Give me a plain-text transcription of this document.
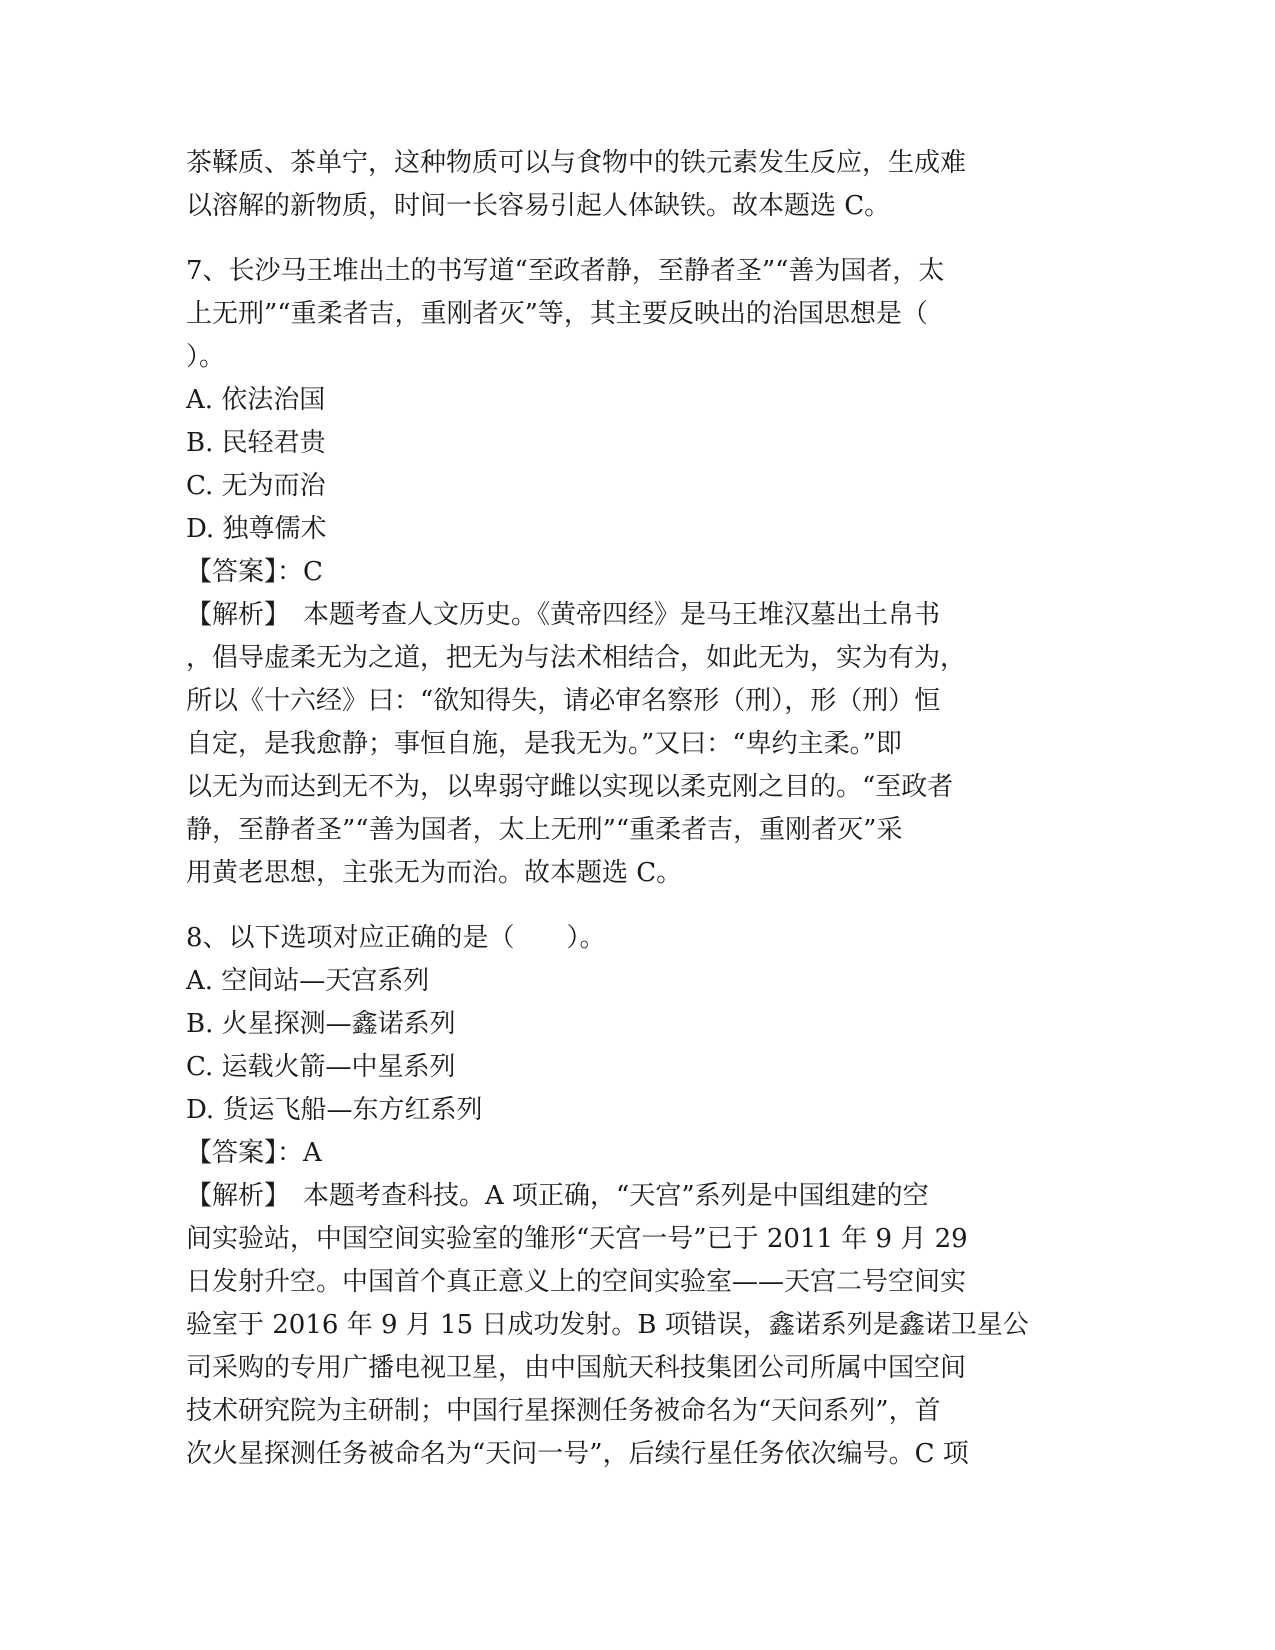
茶鞣质、茶单宁，这种物质可以与食物中的铁元素发生反应，生成难
以溶解的新物质，时间一长容易引起人体缺铁。故本题选 C。
7、长沙马王堆出土的书写道“至政者静，至静者圣”“善为国者，太
上无刑”“重柔者吉，重刚者灭”等，其主要反映出的治国思想是（
）。
A. 依法治国
B. 民轻君贵
C. 无为而治
D. 独尊儒术
【答案】：C
【解析】　本题考查人文历史。《黄帝四经》是马王堆汉墓出土帛书
，倡导虚柔无为之道，把无为与法术相结合，如此无为，实为有为，
所以《十六经》曰：“欲知得失，请必审名察形（刑），形（刑）恒
自定，是我愈静；事恒自施，是我无为。”又曰：“卑约主柔。”即
以无为而达到无不为，以卑弱守雌以实现以柔克刚之目的。“至政者
静，至静者圣”“善为国者，太上无刑”“重柔者吉，重刚者灭”采
用黄老思想，主张无为而治。故本题选 C。
8、以下选项对应正确的是（　　）。
A. 空间站—天宫系列
B. 火星探测—鑫诺系列
C. 运载火箭—中星系列
D. 货运飞船—东方红系列
【答案】：A
【解析】　本题考查科技。A 项正确，“天宫”系列是中国组建的空
间实验站，中国空间实验室的雏形“天宫一号”已于 2011 年 9 月 29
日发射升空。中国首个真正意义上的空间实验室——天宫二号空间实
验室于 2016 年 9 月 15 日成功发射。B 项错误，鑫诺系列是鑫诺卫星公
司采购的专用广播电视卫星，由中国航天科技集团公司所属中国空间
技术研究院为主研制；中国行星探测任务被命名为“天问系列”，首
次火星探测任务被命名为“天问一号”，后续行星任务依次编号。C 项
